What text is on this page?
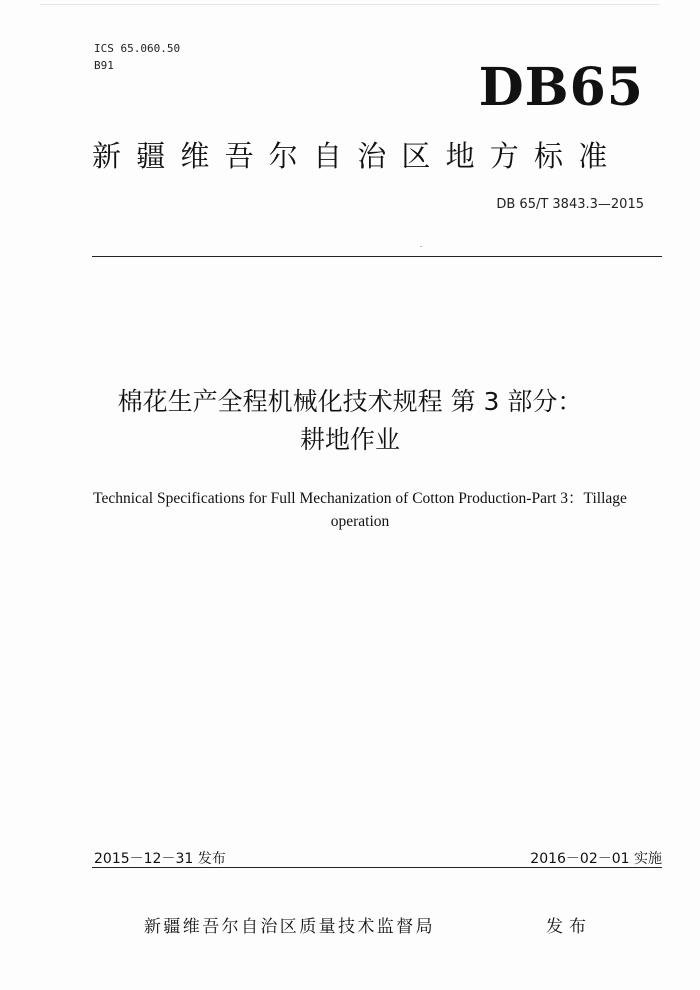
ICS 65.060.50
B91	DB65
新疆维吾尔自治区地方标准
DB 65/T 3843.3—2015
棉花生产全程机械化技术规程 第 3 部分：
耕地作业
Technical Specifications for Full Mechanization of Cotton Production-Part 3：Tillage
operation
2015－12－31 发布	2016－02－01 实施
新疆维吾尔自治区质量技术监督局	发布
